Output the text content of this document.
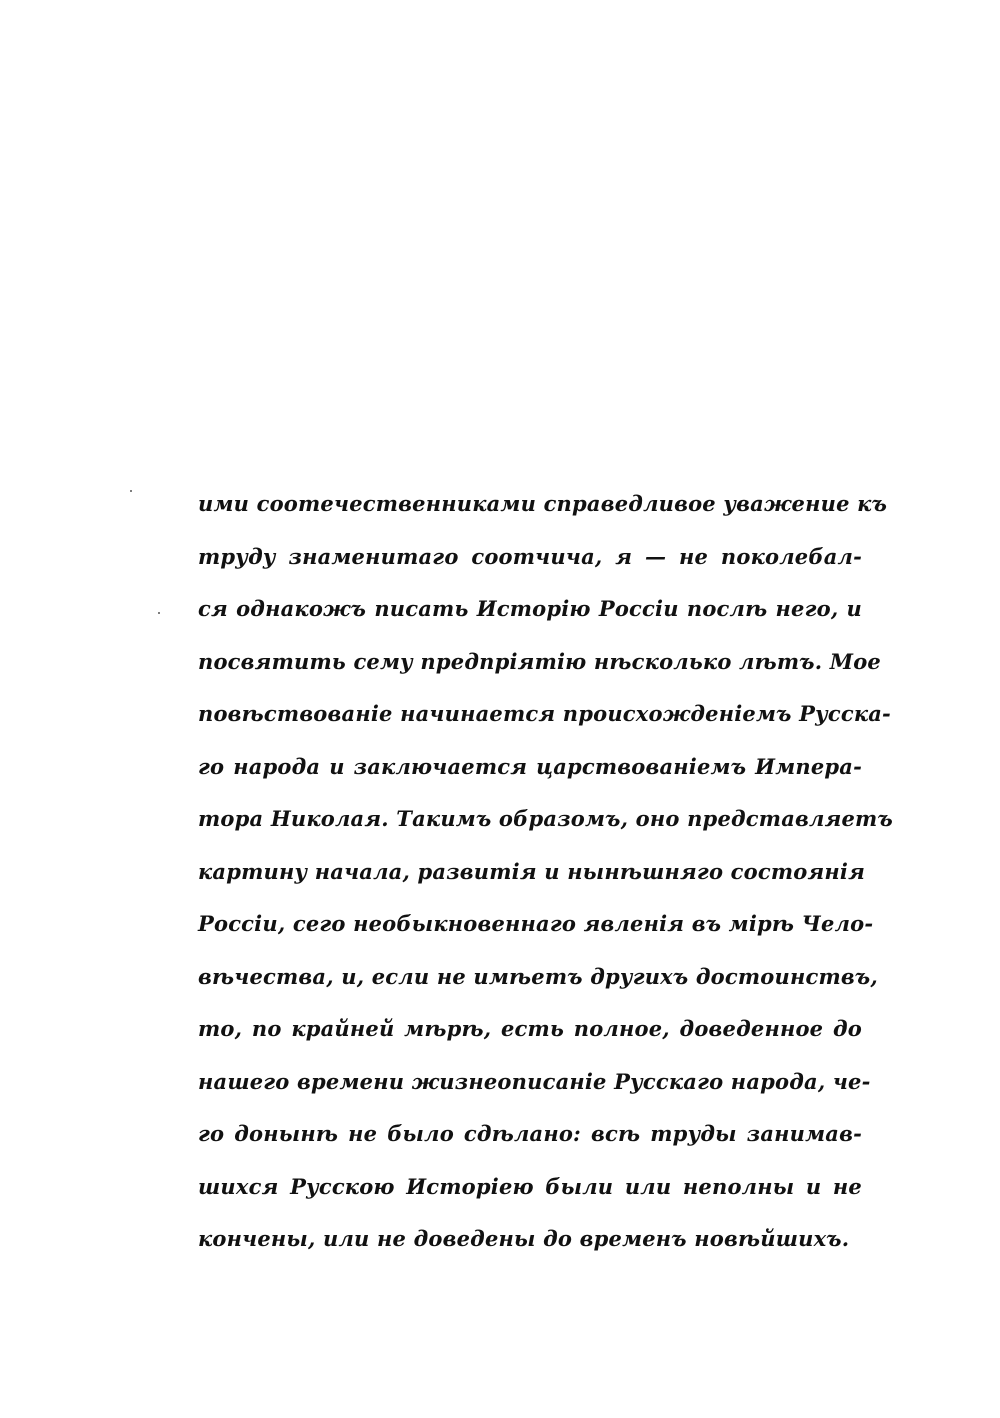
ими соотечественниками справедливое уважение къ
труду знаменитаго соотчича, я — не поколебал-
ся однакожъ писать Исторію Россіи послѣ него, и
посвятить сему предпріятію нѣсколько лѣтъ. Мое
повѣствованіе начинается происхожденіемъ Русска-
го народа и заключается царствованіемъ Импера-
тора Николая. Такимъ образомъ, оно представляетъ
картину начала, развитія и нынѣшняго состоянія
Россіи, сего необыкновеннаго явленія въ мірѣ Чело-
вѣчества, и, если не имѣетъ другихъ достоинствъ,
то, по крайней мѣрѣ, есть полное, доведенное до
нашего времени жизнеописаніе Русскаго народа, че-
го донынѣ не было сдѣлано: всѣ труды занимав-
шихся Русскою Исторіею были или неполны и не
кончены, или не доведены до временъ новѣйшихъ.
